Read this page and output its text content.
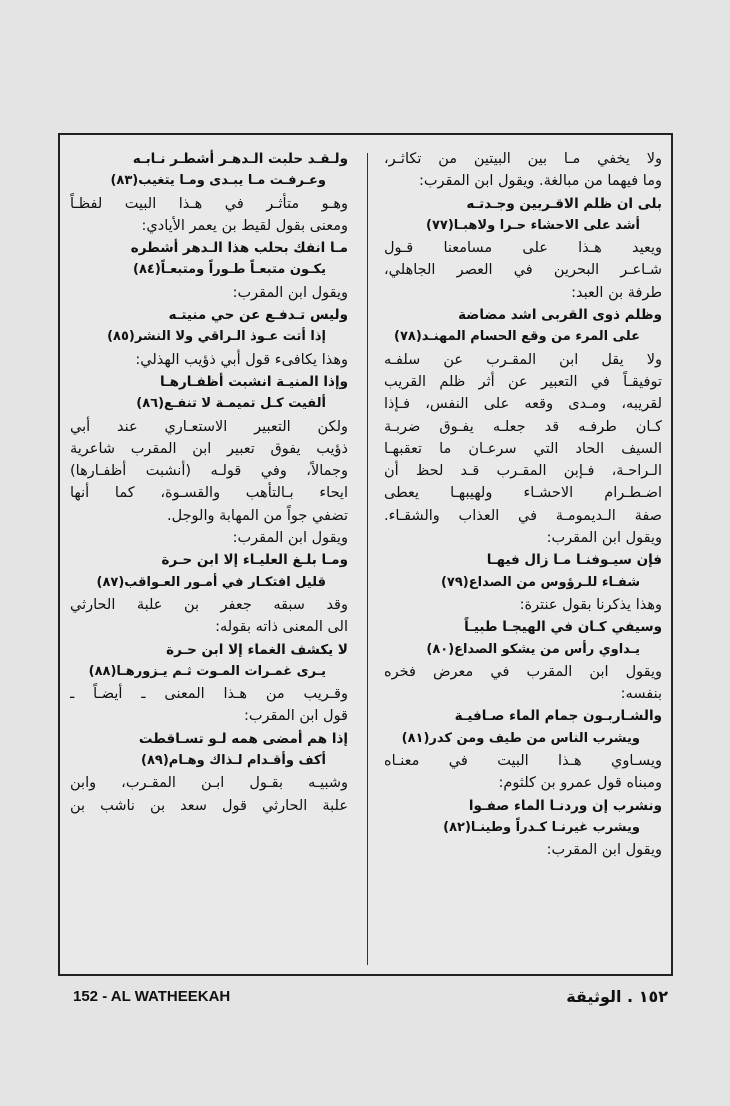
ولا يخفي مـا بين البيتين من تكاثـر،
وما فيهما من مبالغة. ويقول ابن المقرب:
بلى ان ظلم الاقـربين وجـدتـه
أشد على الاحشاء حـرا ولاهبـا(٧٧)
ويعيد هـذا على مسامعنا قـول
شـاعـر البحرين في العصر الجاهلي،
طرفة بن العبد:
وظلم ذوى القربى اشد مضاضة
على المرء من وقع الحسام المهنـد(٧٨)
ولا يقل ابن المقـرب عن سلفـه
توفيقـاً في التعبير عن أثر ظلم القريب
لقريبه، ومـدى وقعه على النفس، فـإذا
كـان طرفـه قد جعلـه يفـوق ضربـة
السيف الحاد التي سرعـان ما تعقبهـا
الـراحـة، فـإبن المقـرب قـد لحظ أن
اضـطـرام الاحشـاء ولهيبهـا يعطى
صفة الـديمومـة في العذاب والشقـاء.
ويقول ابن المقرب:
فإن سيـوفنـا مـا زال فيهـا
شفـاء للـرؤوس من الصداع(٧٩)
وهذا يذكرنا بقول عنترة:
وسيفي كـان في الهيجـا طبيـاً
يـداوي رأس من يشكو الصداع(٨٠)
ويقول ابن المقرب في معرض فخره
بنفسه:
والشـاربـون جمام الماء صـافيـة
ويشرب الناس من طيف ومن كدر(٨١)
ويسـاوي هـذا البيت في معنـاه
ومبناه قول عمرو بن كلثوم:
ونشرب إن وردنـا الماء صفـوا
ويشرب غيرنـا كـدراً وطينـا(٨٢)
ويقول ابن المقرب:
ولـقـد حلبت الـدهـر أشطـر نـابـه
وعـرفـت مـا يبـدى ومـا يتغيب(٨٣)
وهـو متأثـر في هـذا البيت لفظـاً
ومعنى بقول لقيط بن يعمر الأيادي:
مـا انفك بحلب هذا الـدهر أشطره
يكـون متبعـاً طـوراً ومتبعـاً(٨٤)
ويقول ابن المقرب:
وليس تـدفـع عن حي منيتـه
إذا أتت عـوذ الـراقي ولا النشر(٨٥)
وهذا يكافىء قول أبي ذؤيب الهذلي:
وإذا المنيـة انشبت أظفـارهـا
ألفيت كـل تميمـة لا تنفـع(٨٦)
ولكن التعبير الاستعـاري عند أبي
ذؤيب يفوق تعبير ابن المقرب شاعرية
وجمالاً، وفي قولـه (أنشبت أظفـارها)
ايحاء بـالتأهب والقسـوة، كما أنها
تضفي جواً من المهابة والوجل.
ويقول ابن المقرب:
ومـا بلـغ العليـاء إلا ابن حـرة
قليل افتكـار في أمـور العـواقب(٨٧)
وقد سبقه جعفر بن علبة الحارثي
الى المعنى ذاته بقوله:
لا يكشف الغماء إلا ابن حـرة
يـرى غمـرات المـوت ثـم يـزورهـا(٨٨)
وقـريب من هـذا المعنى ـ أيضـاً ـ
قول ابن المقرب:
إذا هم أمضى همه لـو تسـاقطت
أكف وأقـدام لـذاك وهـام(٨٩)
وشبيـه بقـول ابـن المقـرب، وابن
علبة الحارثي قول سعد بن ناشب بن
152 - AL WATHEEKAH	١٥٢ . الوثيقة
